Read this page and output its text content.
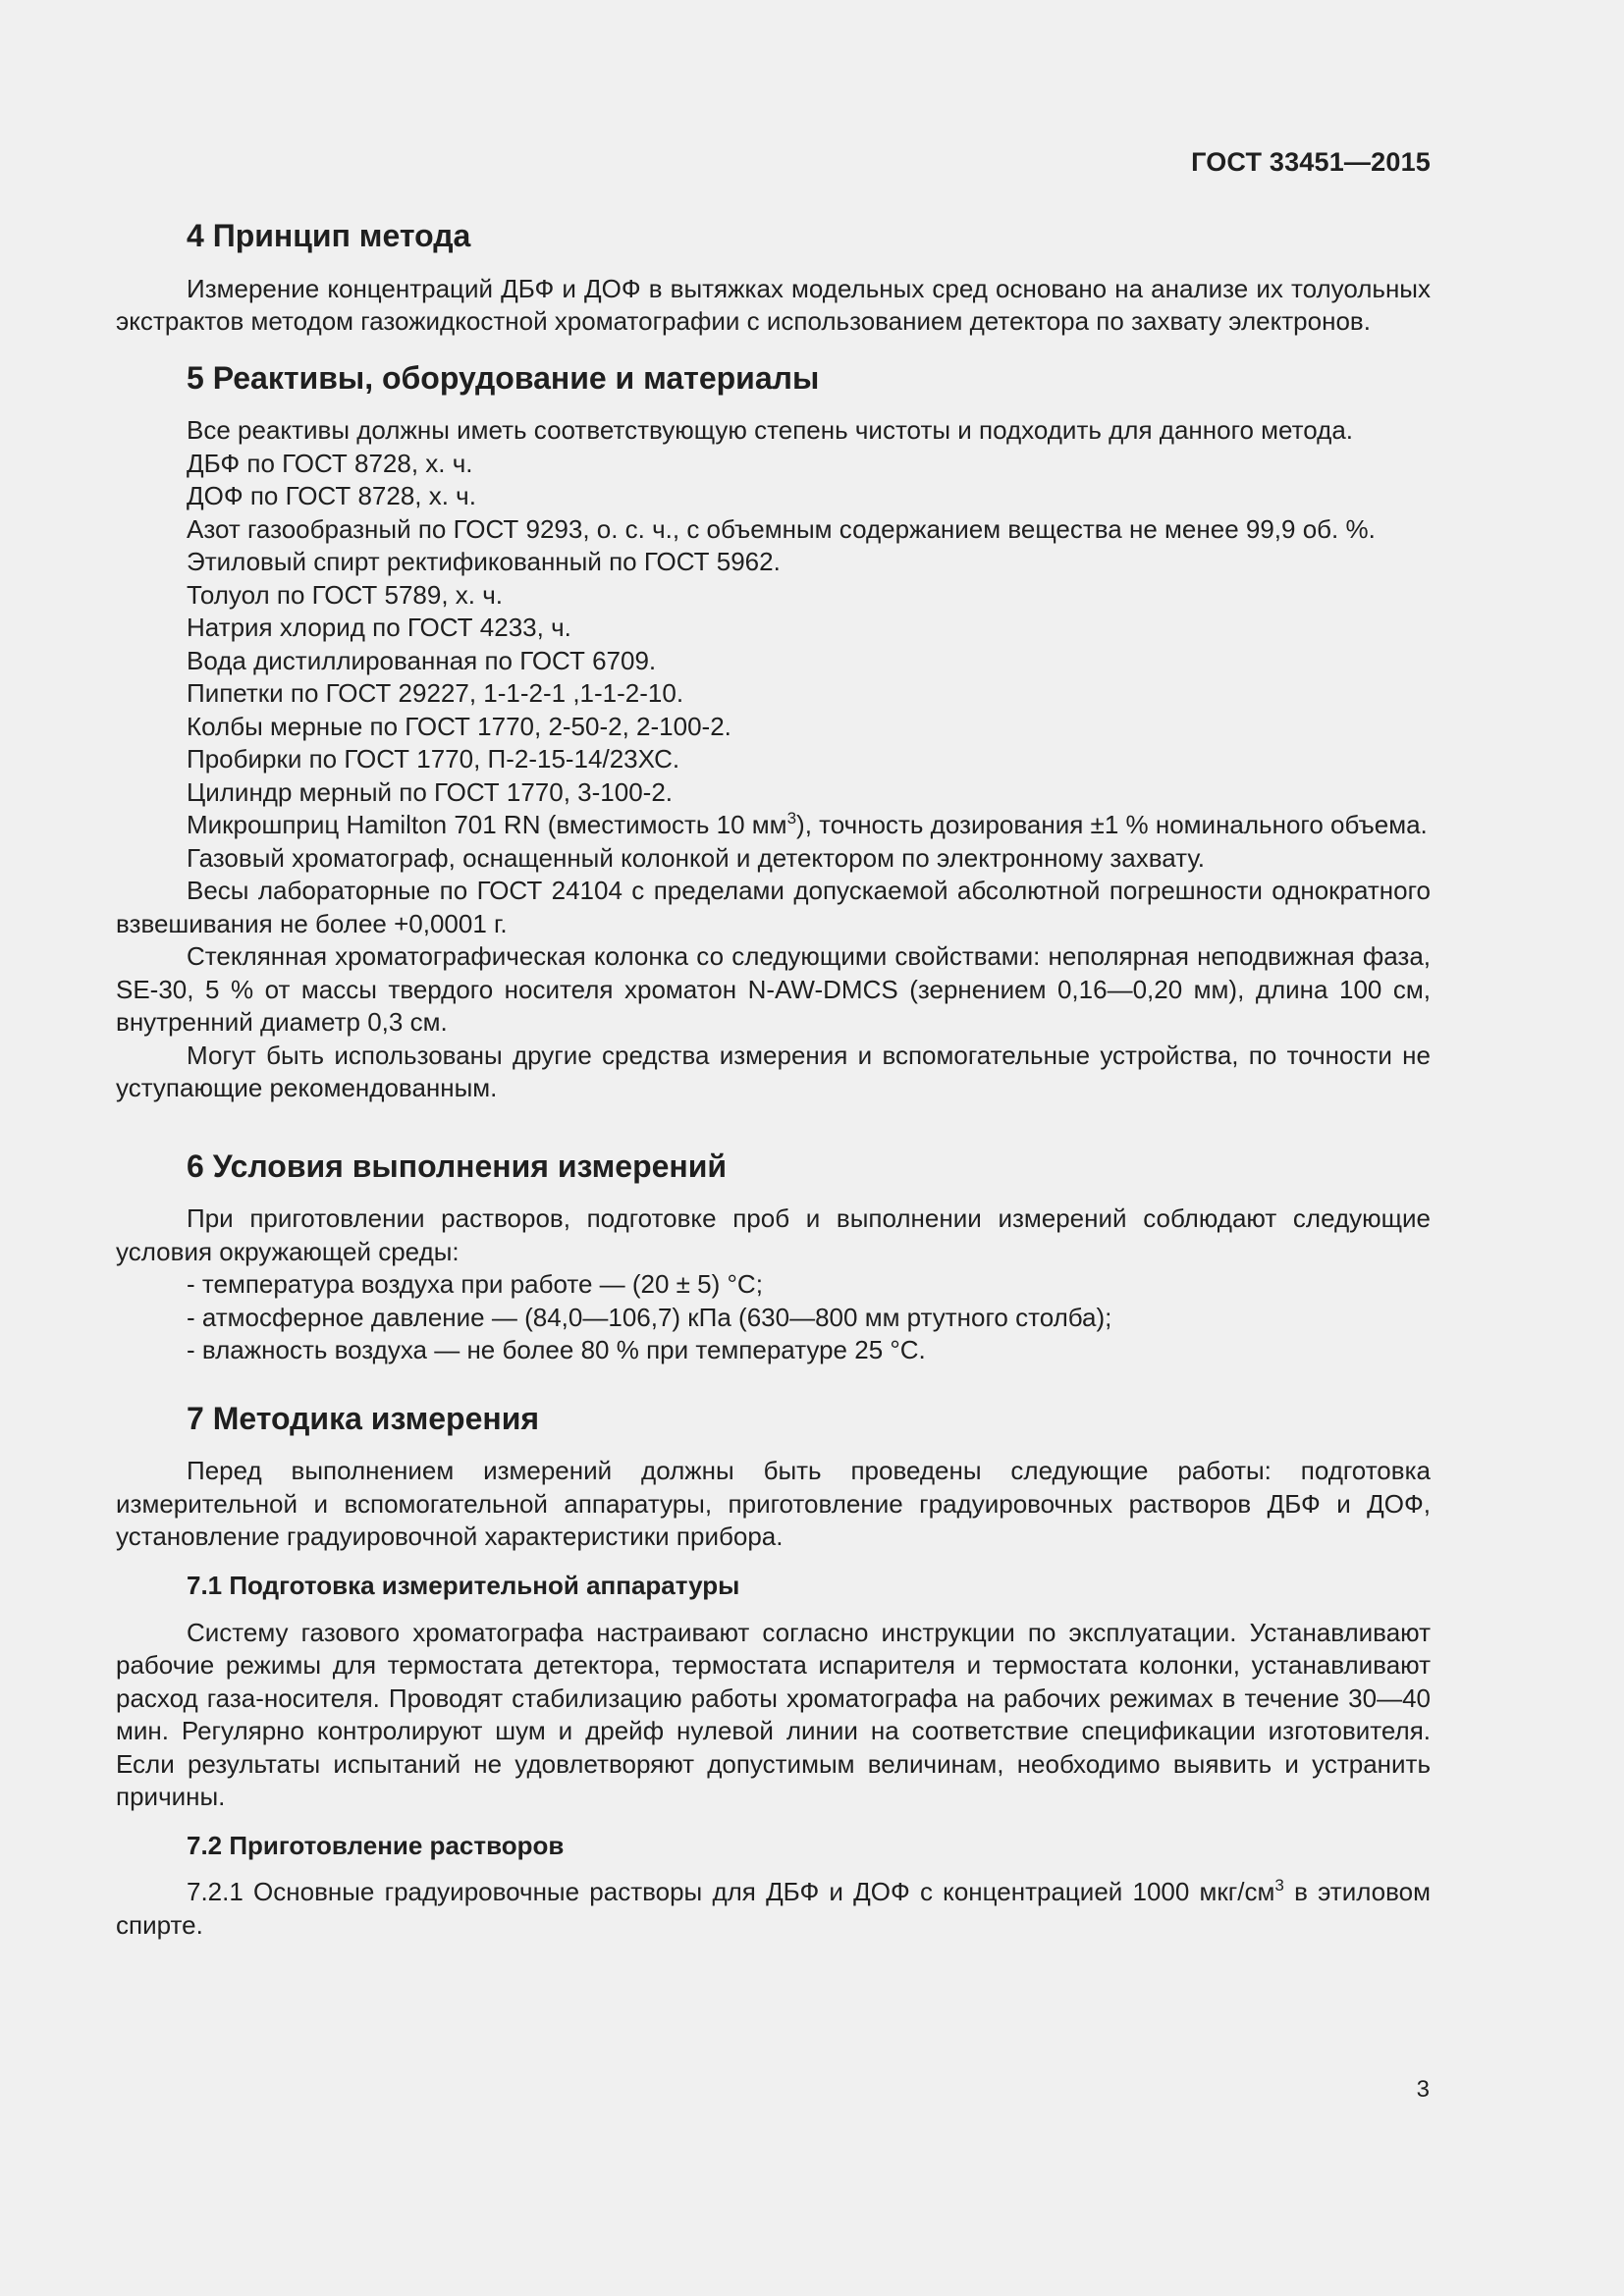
ГОСТ 33451—2015
4 Принцип метода

Измерение концентраций ДБФ и ДОФ в вытяжках модельных сред основано на анализе их толуольных экстрактов методом газожидкостной хроматографии с использованием детектора по захвату электронов.

5 Реактивы, оборудование и материалы

Все реактивы должны иметь соответствующую степень чистоты и подходить для данного метода.

ДБФ по ГОСТ 8728, х. ч.

ДОФ по ГОСТ 8728, х. ч.

Азот газообразный по ГОСТ 9293, о. с. ч., с объемным содержанием вещества не менее 99,9 об. %.

Этиловый спирт ректификованный по ГОСТ 5962.

Толуол по ГОСТ 5789, х. ч.

Натрия хлорид по ГОСТ 4233, ч.

Вода дистиллированная по ГОСТ 6709.

Пипетки по ГОСТ 29227, 1-1-2-1 ,1-1-2-10.

Колбы мерные по ГОСТ 1770, 2-50-2, 2-100-2.

Пробирки по ГОСТ 1770, П-2-15-14/23ХС.

Цилиндр мерный по ГОСТ 1770, 3-100-2.

Микрошприц Hamilton 701 RN (вместимость 10 $мм^3$), точность дозирования ±1 % номинального объема.

Газовый хроматограф, оснащенный колонкой и детектором по электронному захвату.

Весы лабораторные по ГОСТ 24104 с пределами допускаемой абсолютной погрешности однократного взвешивания не более +0,0001 г.

Стеклянная хроматографическая колонка со следующими свойствами: неполярная неподвижная фаза, SE-30, 5 % от массы твердого носителя хроматон N-AW-DMCS (зернением 0,16—0,20 мм), длина 100 см, внутренний диаметр 0,3 см.

Могут быть использованы другие средства измерения и вспомогательные устройства, по точности не уступающие рекомендованным.

6 Условия выполнения измерений

При приготовлении растворов, подготовке проб и выполнении измерений соблюдают следующие условия окружающей среды:

- температура воздуха при работе — (20 ± 5) °С;

- атмосферное давление — (84,0—106,7) кПа (630—800 мм ртутного столба);

- влажность воздуха — не более 80 % при температуре 25 °С.

7 Методика измерения

Перед выполнением измерений должны быть проведены следующие работы: подготовка измерительной и вспомогательной аппаратуры, приготовление градуировочных растворов ДБФ и ДОФ, установление градуировочной характеристики прибора.

7.1 Подготовка измерительной аппаратуры

Систему газового хроматографа настраивают согласно инструкции по эксплуатации. Устанавливают рабочие режимы для термостата детектора, термостата испарителя и термостата колонки, устанавливают расход газа-носителя. Проводят стабилизацию работы хроматографа на рабочих режимах в течение 30—40 мин. Регулярно контролируют шум и дрейф нулевой линии на соответствие спецификации изготовителя. Если результаты испытаний не удовлетворяют допустимым величинам, необходимо выявить и устранить причины.

7.2 Приготовление растворов

7.2.1 Основные градуировочные растворы для ДБФ и ДОФ с концентрацией 1000 мкг/$см^3$ в этиловом спирте.

3
